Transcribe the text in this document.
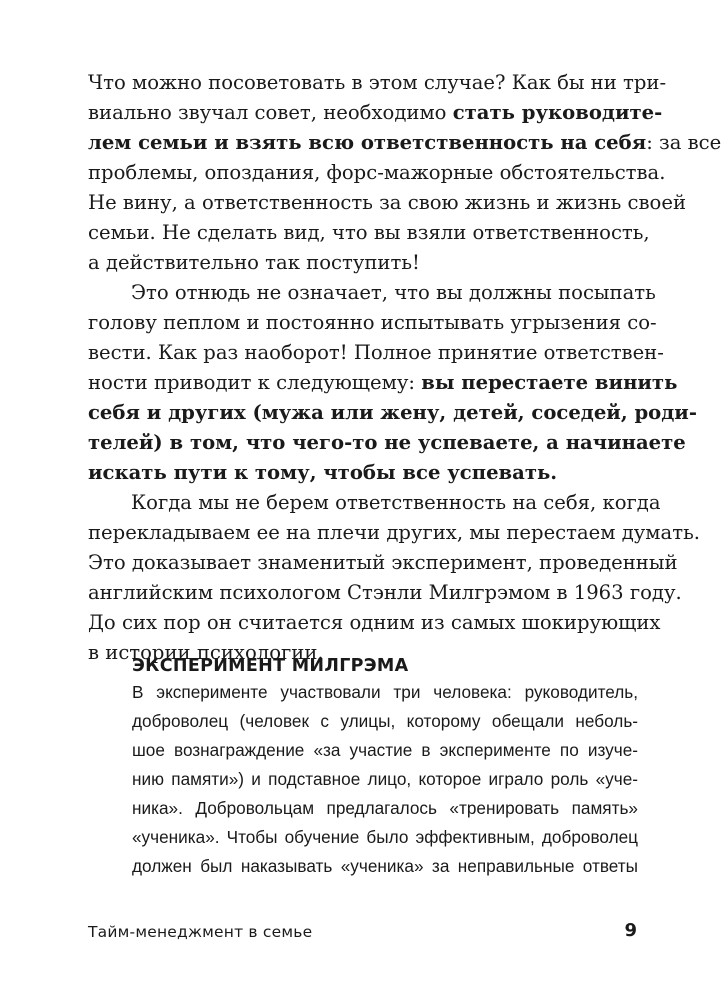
Что можно посоветовать в этом случае? Как бы ни три-

виально звучал совет, необходимо стать руководите-

лем семьи и взять всю ответственность на себя: за все

проблемы, опоздания, форс-мажорные обстоятельства.

Не вину, а ответственность за свою жизнь и жизнь своей

семьи. Не сделать вид, что вы взяли ответственность,

а действительно так поступить!

Это отнюдь не означает, что вы должны посыпать

голову пеплом и постоянно испытывать угрызения со-

вести. Как раз наоборот! Полное принятие ответствен-

ности приводит к следующему: вы перестаете винить

себя и других (мужа или жену, детей, соседей, роди-

телей) в том, что чего-то не успеваете, а начинаете

искать пути к тому, чтобы все успевать.

Когда мы не берем ответственность на себя, когда

перекладываем ее на плечи других, мы перестаем думать.

Это доказывает знаменитый эксперимент, проведенный

английским психологом Стэнли Милгрэмом в 1963 году.

До сих пор он считается одним из самых шокирующих

в истории психологии.

ЭКСПЕРИМЕНТ МИЛГРЭМА

В эксперименте участвовали три человека: руководитель,

доброволец (человек с улицы, которому обещали неболь-

шое вознаграждение «за участие в эксперименте по изуче-

нию памяти») и подставное лицо, которое играло роль «уче-

ника». Добровольцам предлагалось «тренировать память»

«ученика». Чтобы обучение было эффективным, доброволец

должен был наказывать «ученика» за неправильные ответы

Тайм-менеджмент в семье	9
